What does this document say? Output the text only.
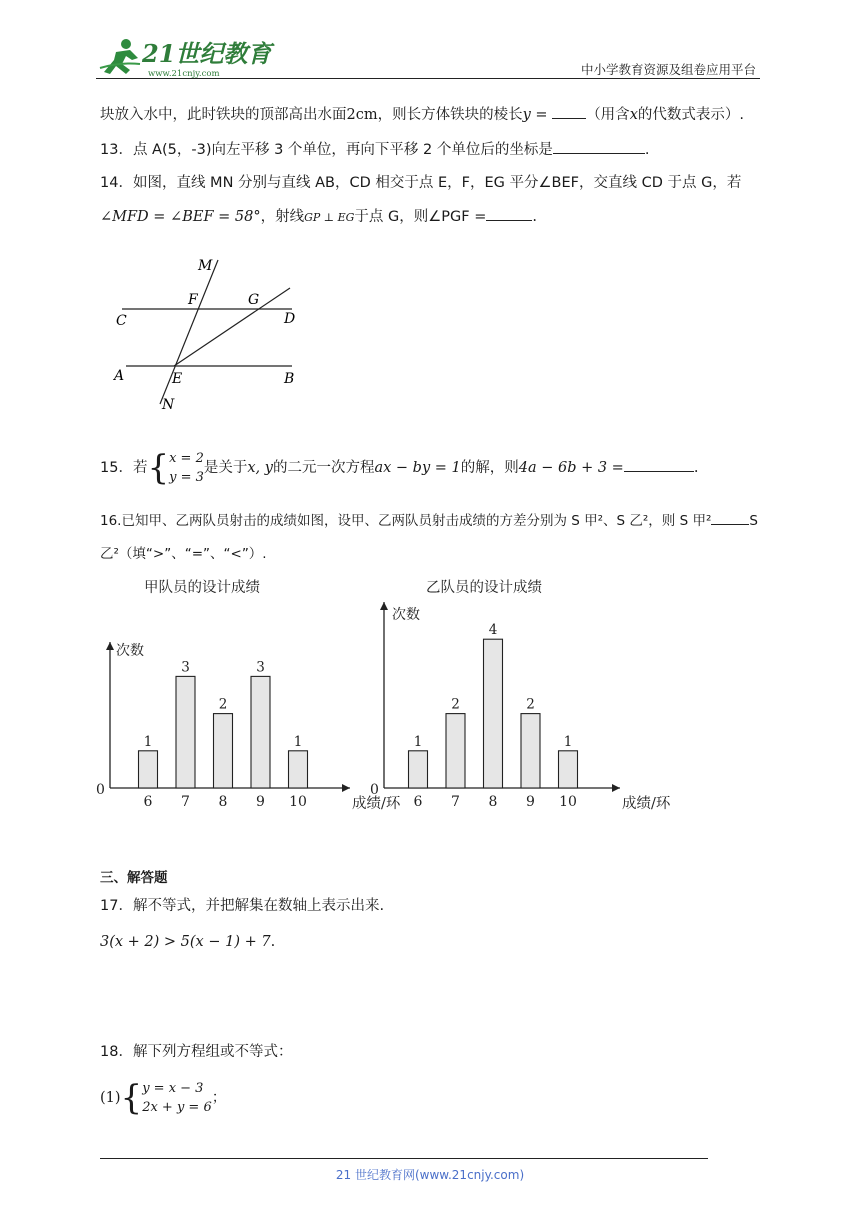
21世纪教育
www.21cnjy.com	中小学教育资源及组卷应用平台
块放入水中，此时铁块的顶部高出水面2cm，则长方体铁块的棱长y = （用含x的代数式表示）.
13．点 A(5，-3)向左平移 3 个单位，再向下平移 2 个单位后的坐标是	.
14．如图，直线 MN 分别与直线 AB，CD 相交于点 E，F，EG 平分∠BEF，交直线 CD 于点 G，若
∠MFD = ∠BEF = 58°，射线GP ⊥ EG于点 G，则∠PGF =	.
M
F	G
C	D
A	E	B
N
15．若{x = 2
y = 3是关于x, y的二元一次方程ax − by = 1的解，则4a − 6b + 3 =	.
16.已知甲、乙两队员射击的成绩如图，设甲、乙两队员射击成绩的方差分别为 S 甲²、S 乙²，则 S 甲²	S
乙²（填“>”、“=”、“<”）.
甲队员的设计成绩
次数
成绩/环
0
1
6
3
7
2
8
3
9
1
10
乙队员的设计成绩
次数
成绩/环
0
1
6
2
7
4
8
2
9
1
10
三、解答题
17．解不等式，并把解集在数轴上表示出来.
3(x + 2) > 5(x − 1) + 7.
18．解下列方程组或不等式：
(1){y = x − 3
2x + y = 6；
21 世纪教育网(www.21cnjy.com)
